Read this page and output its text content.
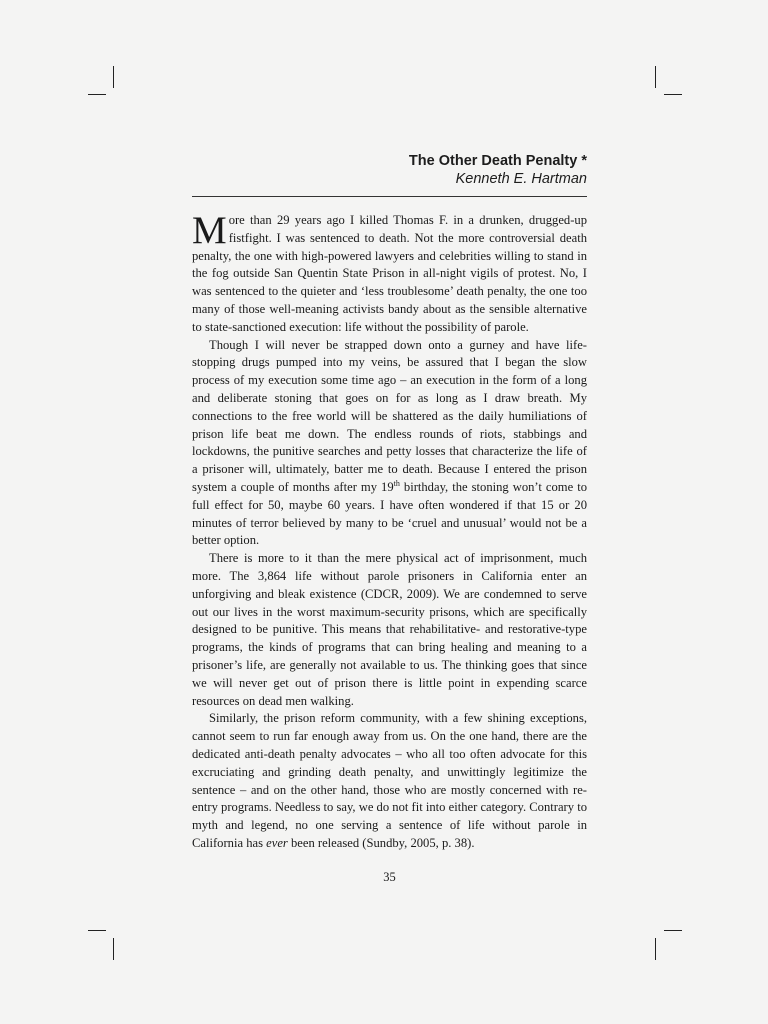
The Other Death Penalty *
Kenneth E. Hartman

More than 29 years ago I killed Thomas F. in a drunken, drugged-up fistfight. I was sentenced to death. Not the more controversial death penalty, the one with high-powered lawyers and celebrities willing to stand in the fog outside San Quentin State Prison in all-night vigils of protest. No, I was sentenced to the quieter and ‘less troublesome’ death penalty, the one too many of those well-meaning activists bandy about as the sensible alternative to state-sanctioned execution: life without the possibility of parole.

Though I will never be strapped down onto a gurney and have life-stopping drugs pumped into my veins, be assured that I began the slow process of my execution some time ago – an execution in the form of a long and deliberate stoning that goes on for as long as I draw breath. My connections to the free world will be shattered as the daily humiliations of prison life beat me down. The endless rounds of riots, stabbings and lockdowns, the punitive searches and petty losses that characterize the life of a prisoner will, ultimately, batter me to death. Because I entered the prison system a couple of months after my 19th birthday, the stoning won’t come to full effect for 50, maybe 60 years. I have often wondered if that 15 or 20 minutes of terror believed by many to be ‘cruel and unusual’ would not be a better option.

There is more to it than the mere physical act of imprisonment, much more. The 3,864 life without parole prisoners in California enter an unforgiving and bleak existence (CDCR, 2009). We are condemned to serve out our lives in the worst maximum-security prisons, which are specifically designed to be punitive. This means that rehabilitative- and restorative-type programs, the kinds of programs that can bring healing and meaning to a prisoner’s life, are generally not available to us. The thinking goes that since we will never get out of prison there is little point in expending scarce resources on dead men walking.

Similarly, the prison reform community, with a few shining exceptions, cannot seem to run far enough away from us. On the one hand, there are the dedicated anti-death penalty advocates – who all too often advocate for this excruciating and grinding death penalty, and unwittingly legitimize the sentence – and on the other hand, those who are mostly concerned with re-entry programs. Needless to say, we do not fit into either category. Contrary to myth and legend, no one serving a sentence of life without parole in California has ever been released (Sundby, 2005, p. 38).

35
